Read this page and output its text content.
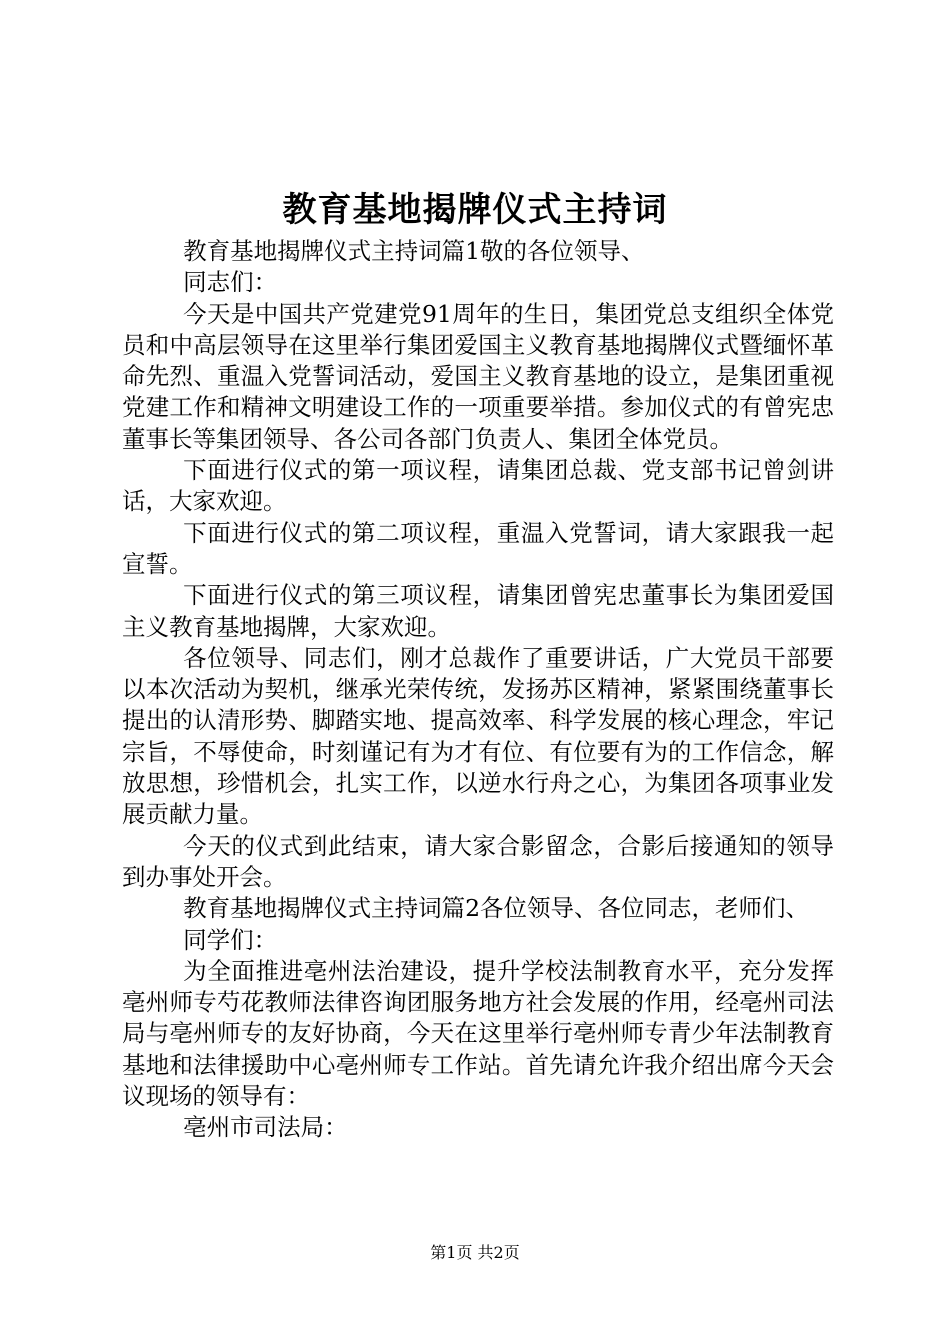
教育基地揭牌仪式主持词

教育基地揭牌仪式主持词篇1敬的各位领导、

同志们：

今天是中国共产党建党91周年的生日，集团党总支组织全体党员和中高层领导在这里举行集团爱国主义教育基地揭牌仪式暨缅怀革命先烈、重温入党誓词活动，爱国主义教育基地的设立，是集团重视党建工作和精神文明建设工作的一项重要举措。参加仪式的有曾宪忠董事长等集团领导、各公司各部门负责人、集团全体党员。

下面进行仪式的第一项议程，请集团总裁、党支部书记曾剑讲话，大家欢迎。

下面进行仪式的第二项议程，重温入党誓词，请大家跟我一起宣誓。

下面进行仪式的第三项议程，请集团曾宪忠董事长为集团爱国主义教育基地揭牌，大家欢迎。

各位领导、同志们，刚才总裁作了重要讲话，广大党员干部要以本次活动为契机，继承光荣传统，发扬苏区精神，紧紧围绕董事长提出的认清形势、脚踏实地、提高效率、科学发展的核心理念，牢记宗旨，不辱使命，时刻谨记有为才有位、有位要有为的工作信念，解放思想，珍惜机会，扎实工作，以逆水行舟之心，为集团各项事业发展贡献力量。

今天的仪式到此结束，请大家合影留念，合影后接通知的领导到办事处开会。

教育基地揭牌仪式主持词篇2各位领导、各位同志，老师们、

同学们：

为全面推进亳州法治建设，提升学校法制教育水平，充分发挥亳州师专芍花教师法律咨询团服务地方社会发展的作用，经亳州司法局与亳州师专的友好协商，今天在这里举行亳州师专青少年法制教育基地和法律援助中心亳州师专工作站。首先请允许我介绍出席今天会议现场的领导有：

亳州市司法局：

第1页 共2页
